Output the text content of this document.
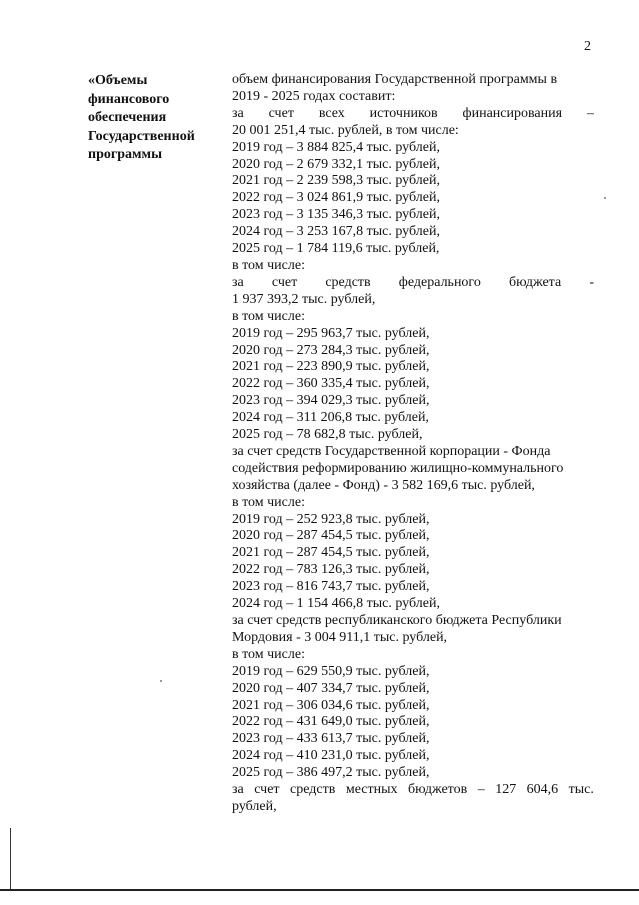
2
«Объемы
финансового
обеспечения
Государственной
программы
объем финансирования Государственной программы в
2019 - 2025 годах составит:
за счет всех источников финансирования –
20 001 251,4 тыс. рублей, в том числе:
2019 год – 3 884 825,4 тыс. рублей,
2020 год – 2 679 332,1 тыс. рублей,
2021 год – 2 239 598,3 тыс. рублей,
2022 год – 3 024 861,9 тыс. рублей,
2023 год – 3 135 346,3 тыс. рублей,
2024 год – 3 253 167,8 тыс. рублей,
2025 год – 1 784 119,6 тыс. рублей,
в том числе:
за счет средств федерального бюджета -
1 937 393,2 тыс. рублей,
в том числе:
2019 год – 295 963,7 тыс. рублей,
2020 год – 273 284,3 тыс. рублей,
2021 год – 223 890,9 тыс. рублей,
2022 год – 360 335,4 тыс. рублей,
2023 год – 394 029,3 тыс. рублей,
2024 год – 311 206,8 тыс. рублей,
2025 год – 78 682,8 тыс. рублей,
за счет средств Государственной корпорации - Фонда
содействия реформированию жилищно-коммунального
хозяйства (далее - Фонд) - 3 582 169,6 тыс. рублей,
в том числе:
2019 год – 252 923,8 тыс. рублей,
2020 год – 287 454,5 тыс. рублей,
2021 год – 287 454,5 тыс. рублей,
2022 год – 783 126,3 тыс. рублей,
2023 год – 816 743,7 тыс. рублей,
2024 год – 1 154 466,8 тыс. рублей,
за счет средств республиканского бюджета Республики
Мордовия - 3 004 911,1 тыс. рублей,
в том числе:
2019 год – 629 550,9 тыс. рублей,
2020 год – 407 334,7 тыс. рублей,
2021 год – 306 034,6 тыс. рублей,
2022 год – 431 649,0 тыс. рублей,
2023 год – 433 613,7 тыс. рублей,
2024 год – 410 231,0 тыс. рублей,
2025 год – 386 497,2 тыс. рублей,
за счет средств местных бюджетов – 127 604,6 тыс.
рублей,
